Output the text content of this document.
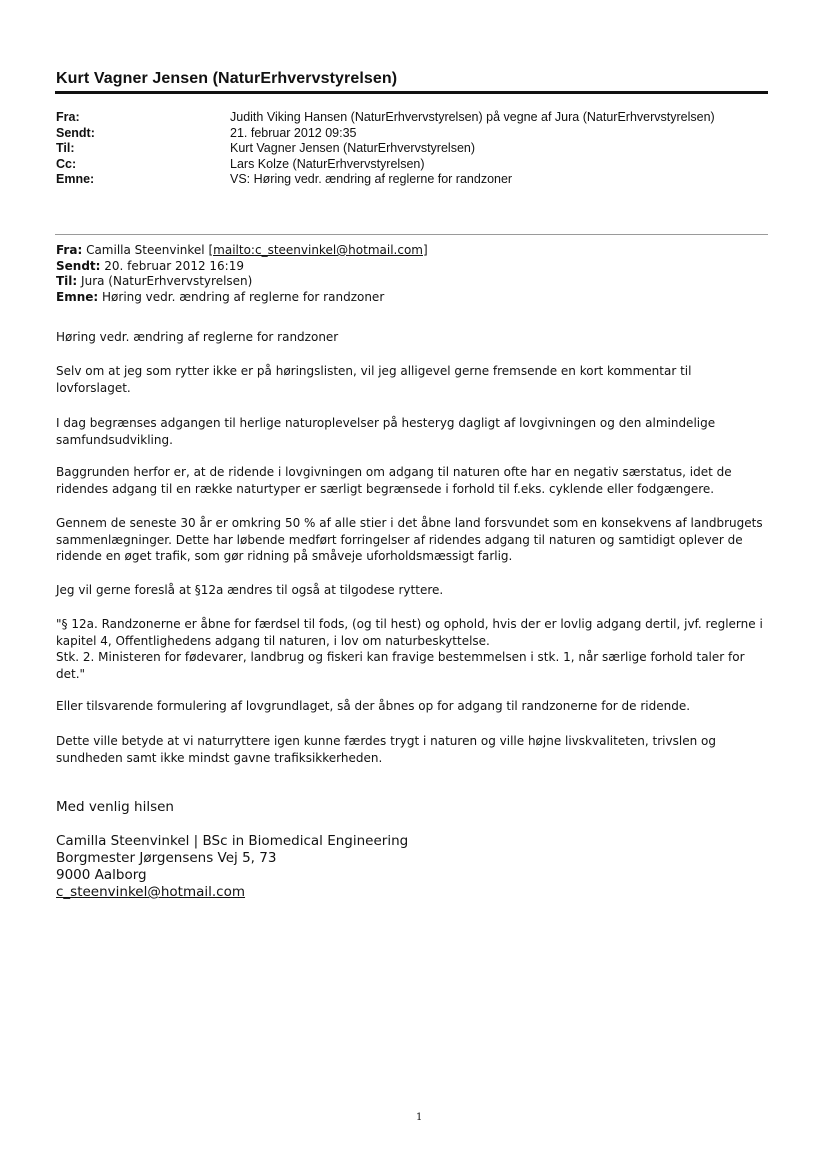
Kurt Vagner Jensen (NaturErhvervstyrelsen)
Fra:	Judith Viking Hansen (NaturErhvervstyrelsen) på vegne af Jura (NaturErhvervstyrelsen)
Sendt:	21. februar 2012 09:35
Til:	Kurt Vagner Jensen (NaturErhvervstyrelsen)
Cc:	Lars Kolze (NaturErhvervstyrelsen)
Emne:	VS: Høring vedr. ændring af reglerne for randzoner
Fra: Camilla Steenvinkel [mailto:c_steenvinkel@hotmail.com]
Sendt: 20. februar 2012 16:19
Til: Jura (NaturErhvervstyrelsen)
Emne: Høring vedr. ændring af reglerne for randzoner

Høring vedr. ændring af reglerne for randzoner

Selv om at jeg som rytter ikke er på høringslisten, vil jeg alligevel gerne fremsende en kort kommentar til lovforslaget.

I dag begrænses adgangen til herlige naturoplevelser på hesteryg dagligt af lovgivningen og den almindelige samfundsudvikling.

Baggrunden herfor er, at de ridende i lovgivningen om adgang til naturen ofte har en negativ særstatus, idet de ridendes adgang til en række naturtyper er særligt begrænsede i forhold til f.eks. cyklende eller fodgængere.

Gennem de seneste 30 år er omkring 50 % af alle stier i det åbne land forsvundet som en konsekvens af landbrugets sammenlægninger. Dette har løbende medført forringelser af ridendes adgang til naturen og samtidigt oplever de ridende en øget trafik, som gør ridning på småveje uforholdsmæssigt farlig.

Jeg vil gerne foreslå at §12a ændres til også at tilgodese ryttere.

"§ 12a. Randzonerne er åbne for færdsel til fods, (og til hest) og ophold, hvis der er lovlig adgang dertil, jvf. reglerne i kapitel 4, Offentlighedens adgang til naturen, i lov om naturbeskyttelse.

Stk. 2. Ministeren for fødevarer, landbrug og fiskeri kan fravige bestemmelsen i stk. 1, når særlige forhold taler for det."

Eller tilsvarende formulering af lovgrundlaget, så der åbnes op for adgang til randzonerne for de ridende.

Dette ville betyde at vi naturryttere igen kunne færdes trygt i naturen og ville højne livskvaliteten, trivslen og sundheden samt ikke mindst gavne trafiksikkerheden.

Med venlig hilsen
Camilla Steenvinkel | BSc in Biomedical Engineering
Borgmester Jørgensens Vej 5, 73
9000 Aalborg
c_steenvinkel@hotmail.com
1
